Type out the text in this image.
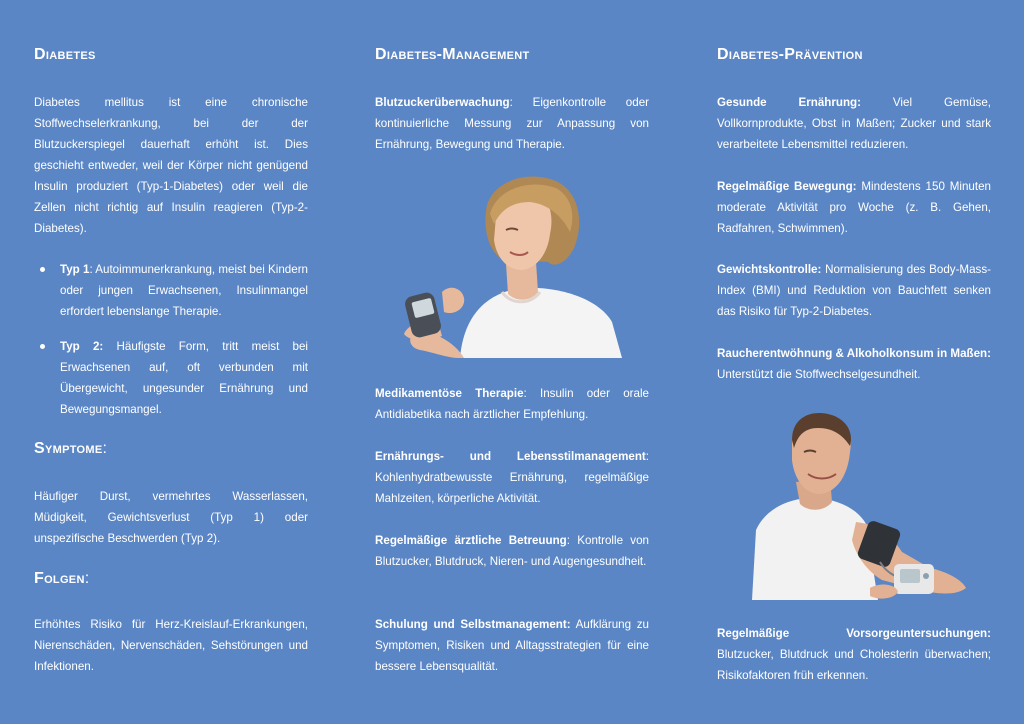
Diabetes

Diabetes mellitus ist eine chronische Stoffwechselerkrankung, bei der der Blutzuckerspiegel dauerhaft erhöht ist. Dies geschieht entweder, weil der Körper nicht genügend Insulin produziert (Typ-1-Diabetes) oder weil die Zellen nicht richtig auf Insulin reagieren (Typ-2-Diabetes).

Typ 1: Autoimmunerkrankung, meist bei Kindern oder jungen Erwachsenen, Insulinmangel erfordert lebenslange Therapie.
Typ 2: Häufigste Form, tritt meist bei Erwachsenen auf, oft verbunden mit Übergewicht, ungesunder Ernährung und Bewegungsmangel.
Symptome:

Häufiger Durst, vermehrtes Wasserlassen, Müdigkeit, Gewichtsverlust (Typ 1) oder unspezifische Beschwerden (Typ 2).

Folgen:

Erhöhtes Risiko für Herz-Kreislauf-Erkrankungen, Nierenschäden, Nervenschäden, Sehstörungen und Infektionen.

Diabetes-Management

Blutzuckerüberwachung: Eigenkontrolle oder kontinuierliche Messung zur Anpassung von Ernährung, Bewegung und Therapie.

Medikamentöse Therapie: Insulin oder orale Antidiabetika nach ärztlicher Empfehlung.

Ernährungs- und Lebensstilmanagement: Kohlenhydratbewusste Ernährung, regelmäßige Mahlzeiten, körperliche Aktivität.

Regelmäßige ärztliche Betreuung: Kontrolle von Blutzucker, Blutdruck, Nieren- und Augengesundheit.

Schulung und Selbstmanagement: Aufklärung zu Symptomen, Risiken und Alltagsstrategien für eine bessere Lebensqualität.

Diabetes-Prävention

Gesunde Ernährung: Viel Gemüse, Vollkornprodukte, Obst in Maßen; Zucker und stark verarbeitete Lebensmittel reduzieren.

Regelmäßige Bewegung: Mindestens 150 Minuten moderate Aktivität pro Woche (z. B. Gehen, Radfahren, Schwimmen).

Gewichtskontrolle: Normalisierung des Body-Mass-Index (BMI) und Reduktion von Bauchfett senken das Risiko für Typ-2-Diabetes.

Raucherentwöhnung & Alkoholkonsum in Maßen: Unterstützt die Stoffwechselgesundheit.

Regelmäßige Vorsorgeuntersuchungen: Blutzucker, Blutdruck und Cholesterin überwachen; Risikofaktoren früh erkennen.
